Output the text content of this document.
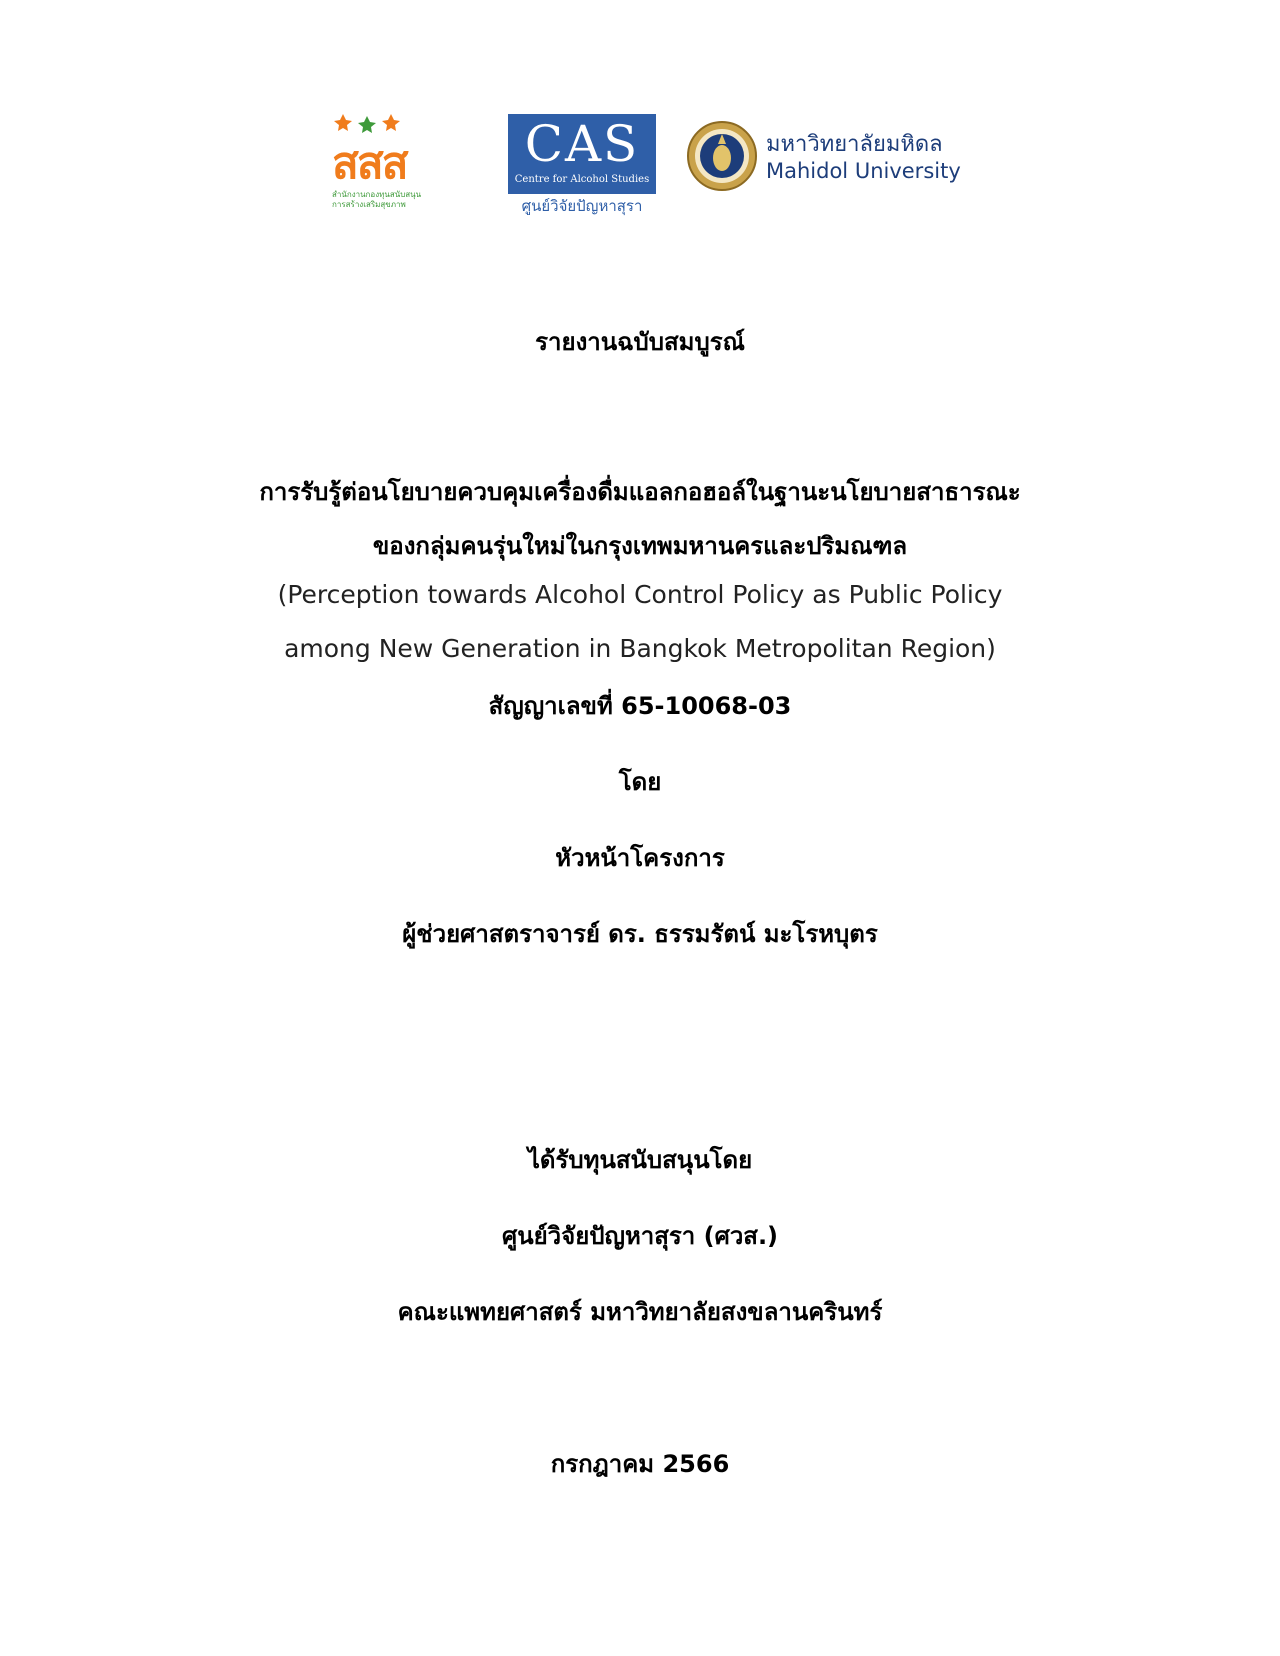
สสส
สำนักงานกองทุนสนับสนุน
การสร้างเสริมสุขภาพ
CAS
Centre for Alcohol Studies
ศูนย์วิจัยปัญหาสุรา
มหาวิทยาลัยมหิดล
Mahidol University
รายงานฉบับสมบูรณ์
การรับรู้ต่อนโยบายควบคุมเครื่องดื่มแอลกอฮอล์ในฐานะนโยบายสาธารณะ
ของกลุ่มคนรุ่นใหม่ในกรุงเทพมหานครและปริมณฑล
(Perception towards Alcohol Control Policy as Public Policy
among New Generation in Bangkok Metropolitan Region)
สัญญาเลขที่ 65-10068-03
โดย
หัวหน้าโครงการ
ผู้ช่วยศาสตราจารย์ ดร. ธรรมรัตน์ มะโรหบุตร
ได้รับทุนสนับสนุนโดย
ศูนย์วิจัยปัญหาสุรา (ศวส.)
คณะแพทยศาสตร์ มหาวิทยาลัยสงขลานครินทร์
กรกฎาคม 2566
